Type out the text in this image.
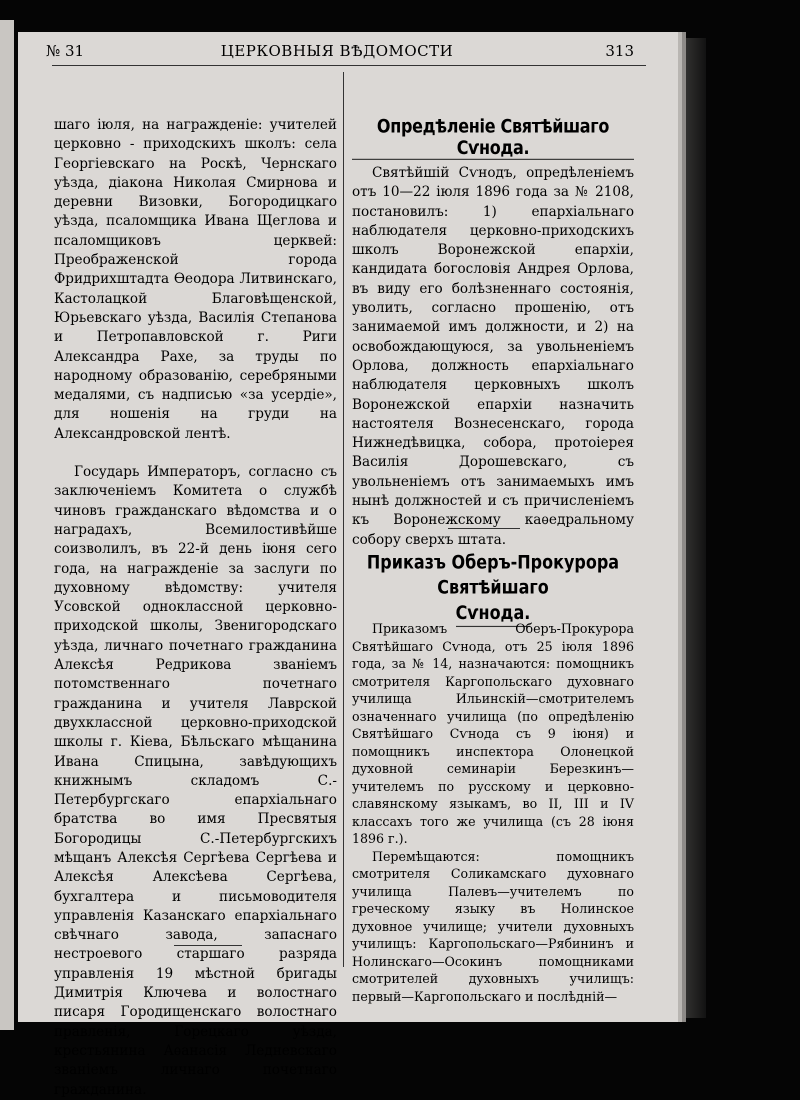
№ 31	ЦЕРКОВНЫЯ ВѢДОМОСТИ	313

шаго іюля, на награжденіе: учителей церковно - приходскихъ школъ: села Георгіевскаго на Роскѣ, Чернскаго уѣзда, діакона Николая Смирнова и деревни Визовки, Богородицкаго уѣзда, псаломщика Ивана Щеглова и псаломщиковъ церквей: Преображенской города Фридрихштадта Ѳеодора Литвинскаго, Кастолацкой Благовѣщенской, Юрьевскаго уѣзда, Василія Степанова и Петропавловской г. Риги Александра Рахе, за труды по народному образованію, серебряными медалями, съ надписью «за усердіе», для ношенія на груди на Александровской лентѣ.

Государь Императоръ, согласно съ заключеніемъ Комитета о службѣ чиновъ гражданскаго вѣдомства и о наградахъ, Всемилостивѣйше соизволилъ, въ 22-й день іюня сего года, на награжденіе за заслуги по духовному вѣдомству: учителя Усовской одноклассной церковно-приходской школы, Звенигородскаго уѣзда, личнаго почетнаго гражданина Алексѣя Редрикова званіемъ потомственнаго почетнаго гражданина и учителя Лаврской двухклассной церковно-приходской школы г. Кіева, Бѣльскаго мѣщанина Ивана Спицына, завѣдующихъ книжнымъ складомъ С.-Петербургскаго епархіальнаго братства во имя Пресвятыя Богородицы С.-Петербургскихъ мѣщанъ Алексѣя Сергѣева Сергѣева и Алексѣя Алексѣева Сергѣева, бухгалтера и письмоводителя управленія Казанскаго епархіальнаго свѣчнаго завода, запаснаго нестроевого старшаго разряда управленія 19 мѣстной бригады Димитрія Ключева и волостнаго писаря Городищенскаго волостнаго правленія, Горецкаго уѣзда, крестьянина Аѳанасія Ледневскаго званіемъ личнаго почетнаго гражданина.

Опредѣленіе Святѣйшаго Сѵнода.

Святѣйшій Сѵнодъ, опредѣленіемъ отъ 10—22 іюля 1896 года за № 2108, постановилъ: 1) епархіальнаго наблюдателя церковно-приходскихъ школъ Воронежской епархіи, кандидата богословія Андрея Орлова, въ виду его болѣзненнаго состоянія, уволить, согласно прошенію, отъ занимаемой имъ должности, и 2) на освобождающуюся, за увольненіемъ Орлова, должность епархіальнаго наблюдателя церковныхъ школъ Воронежской епархіи назначить настоятеля Вознесенскаго, города Нижнедѣвицка, собора, протоіерея Василія Дорошевскаго, съ увольненіемъ отъ занимаемыхъ имъ нынѣ должностей и съ причисленіемъ къ Воронежскому каѳедральному собору сверхъ штата.

Приказъ Оберъ-Прокурора Святѣйшаго
Сѵнода.

Приказомъ Оберъ-Прокурора Святѣйшаго Сѵнода, отъ 25 іюля 1896 года, за № 14, назначаются: помощникъ смотрителя Каргопольскаго духовнаго училища Ильинскій—смотрителемъ означеннаго училища (по опредѣленію Святѣйшаго Сѵнода съ 9 іюня) и помощникъ инспектора Олонецкой духовной семинаріи Березкинъ—учителемъ по русскому и церковно-славянскому языкамъ, во II, III и IV классахъ того же училища (съ 28 іюня 1896 г.).

Перемѣщаются: помощникъ смотрителя Соликамскаго духовнаго училища Палевъ—учителемъ по греческому языку въ Нолинское духовное училище; учители духовныхъ училищъ: Каргопольскаго—Рябининъ и Нолинскаго—Осокинъ помощниками смотрителей духовныхъ училищъ: первый—Каргопольскаго и послѣдній—
